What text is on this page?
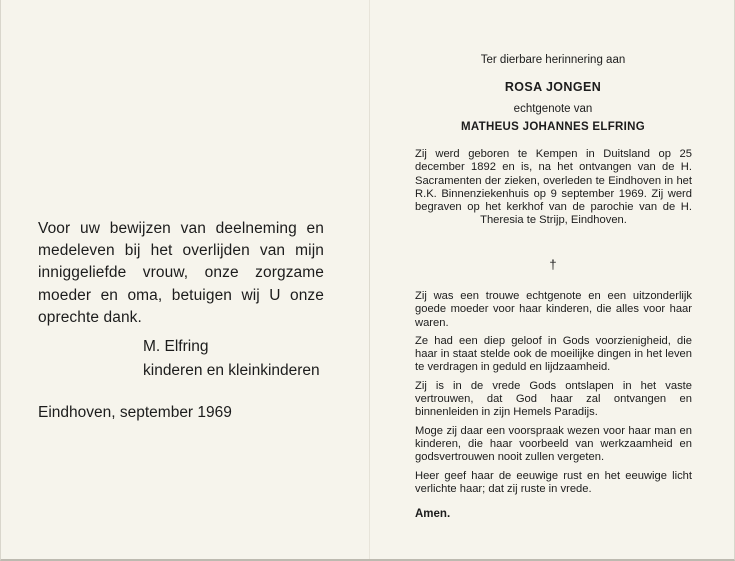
Voor uw bewijzen van deelneming en medeleven bij het overlijden van mijn inniggeliefde vrouw, onze zorgzame moeder en oma, betuigen wij U onze oprechte dank.
M. Elfring
kinderen en kleinkinderen
Eindhoven, september 1969
Ter dierbare herinnering aan
ROSA JONGEN
echtgenote van
MATHEUS JOHANNES ELFRING
Zij werd geboren te Kempen in Duitsland op 25 december 1892 en is, na het ontvangen van de H. Sacramenten der zieken, overleden te Eindhoven in het R.K. Binnenziekenhuis op 9 september 1969. Zij werd begraven op het kerkhof van de parochie van de H. Theresia te Strijp, Eindhoven.
†
Zij was een trouwe echtgenote en een uitzonderlijk goede moeder voor haar kinderen, die alles voor haar waren.
Ze had een diep geloof in Gods voorzienigheid, die haar in staat stelde ook de moeilijke dingen in het leven te verdragen in geduld en lijdzaamheid.
Zij is in de vrede Gods ontslapen in het vaste vertrouwen, dat God haar zal ontvangen en binnenleiden in zijn Hemels Paradijs.
Moge zij daar een voorspraak wezen voor haar man en kinderen, die haar voorbeeld van werkzaamheid en godsvertrouwen nooit zullen vergeten.
Heer geef haar de eeuwige rust en het eeuwige licht verlichte haar; dat zij ruste in vrede.
Amen.
